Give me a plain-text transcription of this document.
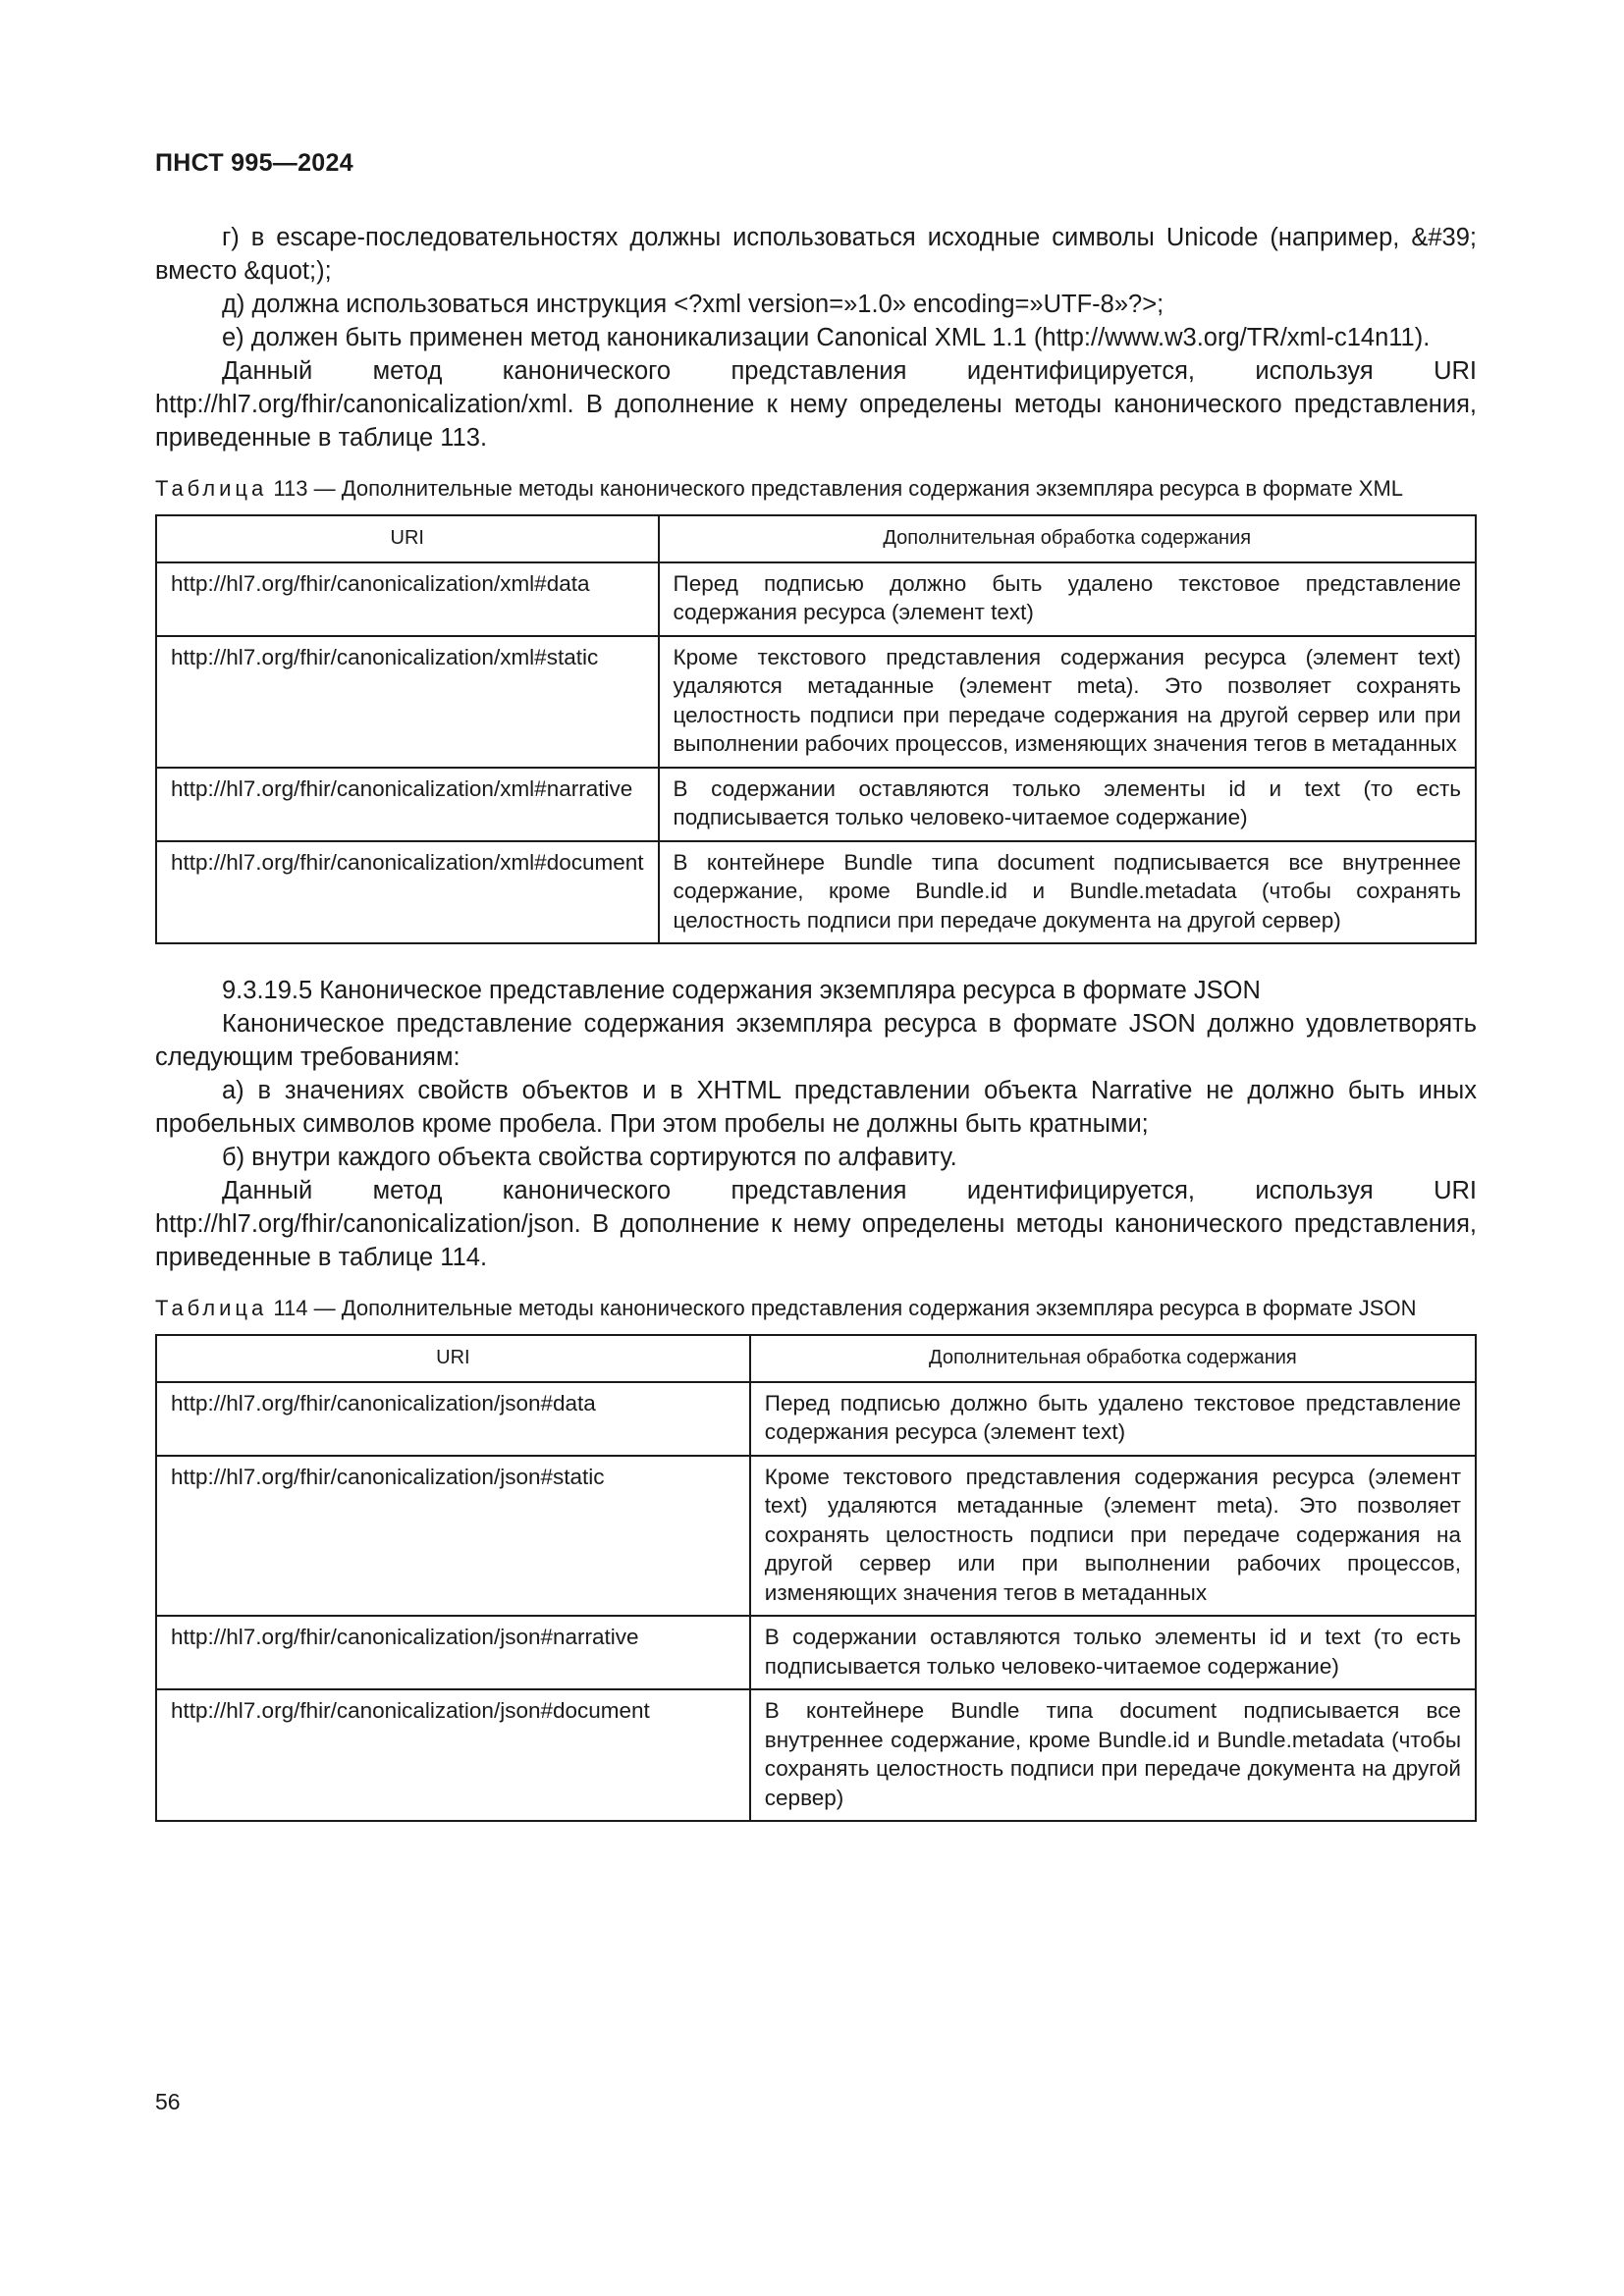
ПНСТ 995—2024

г) в escape-последовательностях должны использоваться исходные символы Unicode (например, &#39; вместо &quot;);

д) должна использоваться инструкция <?xml version=»1.0» encoding=»UTF-8»?>;

е) должен быть применен метод каноникализации Canonical XML 1.1 (http://www.w3.org/TR/xml-c14n11).

Данный метод канонического представления идентифицируется, используя URI http://hl7.org/fhir/canonicalization/xml. В дополнение к нему определены методы канонического представления, приведенные в таблице 113.

Таблица 113 — Дополнительные методы канонического представления содержания экземпляра ресурса в формате XML

URI	Дополнительная обработка содержания
http://hl7.org/fhir/canonicalization/xml#data	Перед подписью должно быть удалено текстовое представление содержания ресурса (элемент text)
http://hl7.org/fhir/canonicalization/xml#static	Кроме текстового представления содержания ресурса (элемент text) удаляются метаданные (элемент meta). Это позволяет сохранять целостность подписи при передаче содержания на другой сервер или при выполнении рабочих процессов, изменяющих значения тегов в метаданных
http://hl7.org/fhir/canonicalization/xml#narrative	В содержании оставляются только элементы id и text (то есть подписывается только человеко-читаемое содержание)
http://hl7.org/fhir/canonicalization/xml#document	В контейнере Bundle типа document подписывается все внутреннее содержание, кроме Bundle.id и Bundle.metadata (чтобы сохранять целостность подписи при передаче документа на другой сервер)

9.3.19.5 Каноническое представление содержания экземпляра ресурса в формате JSON

Каноническое представление содержания экземпляра ресурса в формате JSON должно удовлетворять следующим требованиям:

а) в значениях свойств объектов и в XHTML представлении объекта Narrative не должно быть иных пробельных символов кроме пробела. При этом пробелы не должны быть кратными;

б) внутри каждого объекта свойства сортируются по алфавиту.

Данный метод канонического представления идентифицируется, используя URI http://hl7.org/fhir/canonicalization/json. В дополнение к нему определены методы канонического представления, приведенные в таблице 114.

Таблица 114 — Дополнительные методы канонического представления содержания экземпляра ресурса в формате JSON

URI	Дополнительная обработка содержания
http://hl7.org/fhir/canonicalization/json#data	Перед подписью должно быть удалено текстовое представление содержания ресурса (элемент text)
http://hl7.org/fhir/canonicalization/json#static	Кроме текстового представления содержания ресурса (элемент text) удаляются метаданные (элемент meta). Это позволяет сохранять целостность подписи при передаче содержания на другой сервер или при выполнении рабочих процессов, изменяющих значения тегов в метаданных
http://hl7.org/fhir/canonicalization/json#narrative	В содержании оставляются только элементы id и text (то есть подписывается только человеко-читаемое содержание)
http://hl7.org/fhir/canonicalization/json#document	В контейнере Bundle типа document подписывается все внутреннее содержание, кроме Bundle.id и Bundle.metadata (чтобы сохранять целостность подписи при передаче документа на другой сервер)
56
